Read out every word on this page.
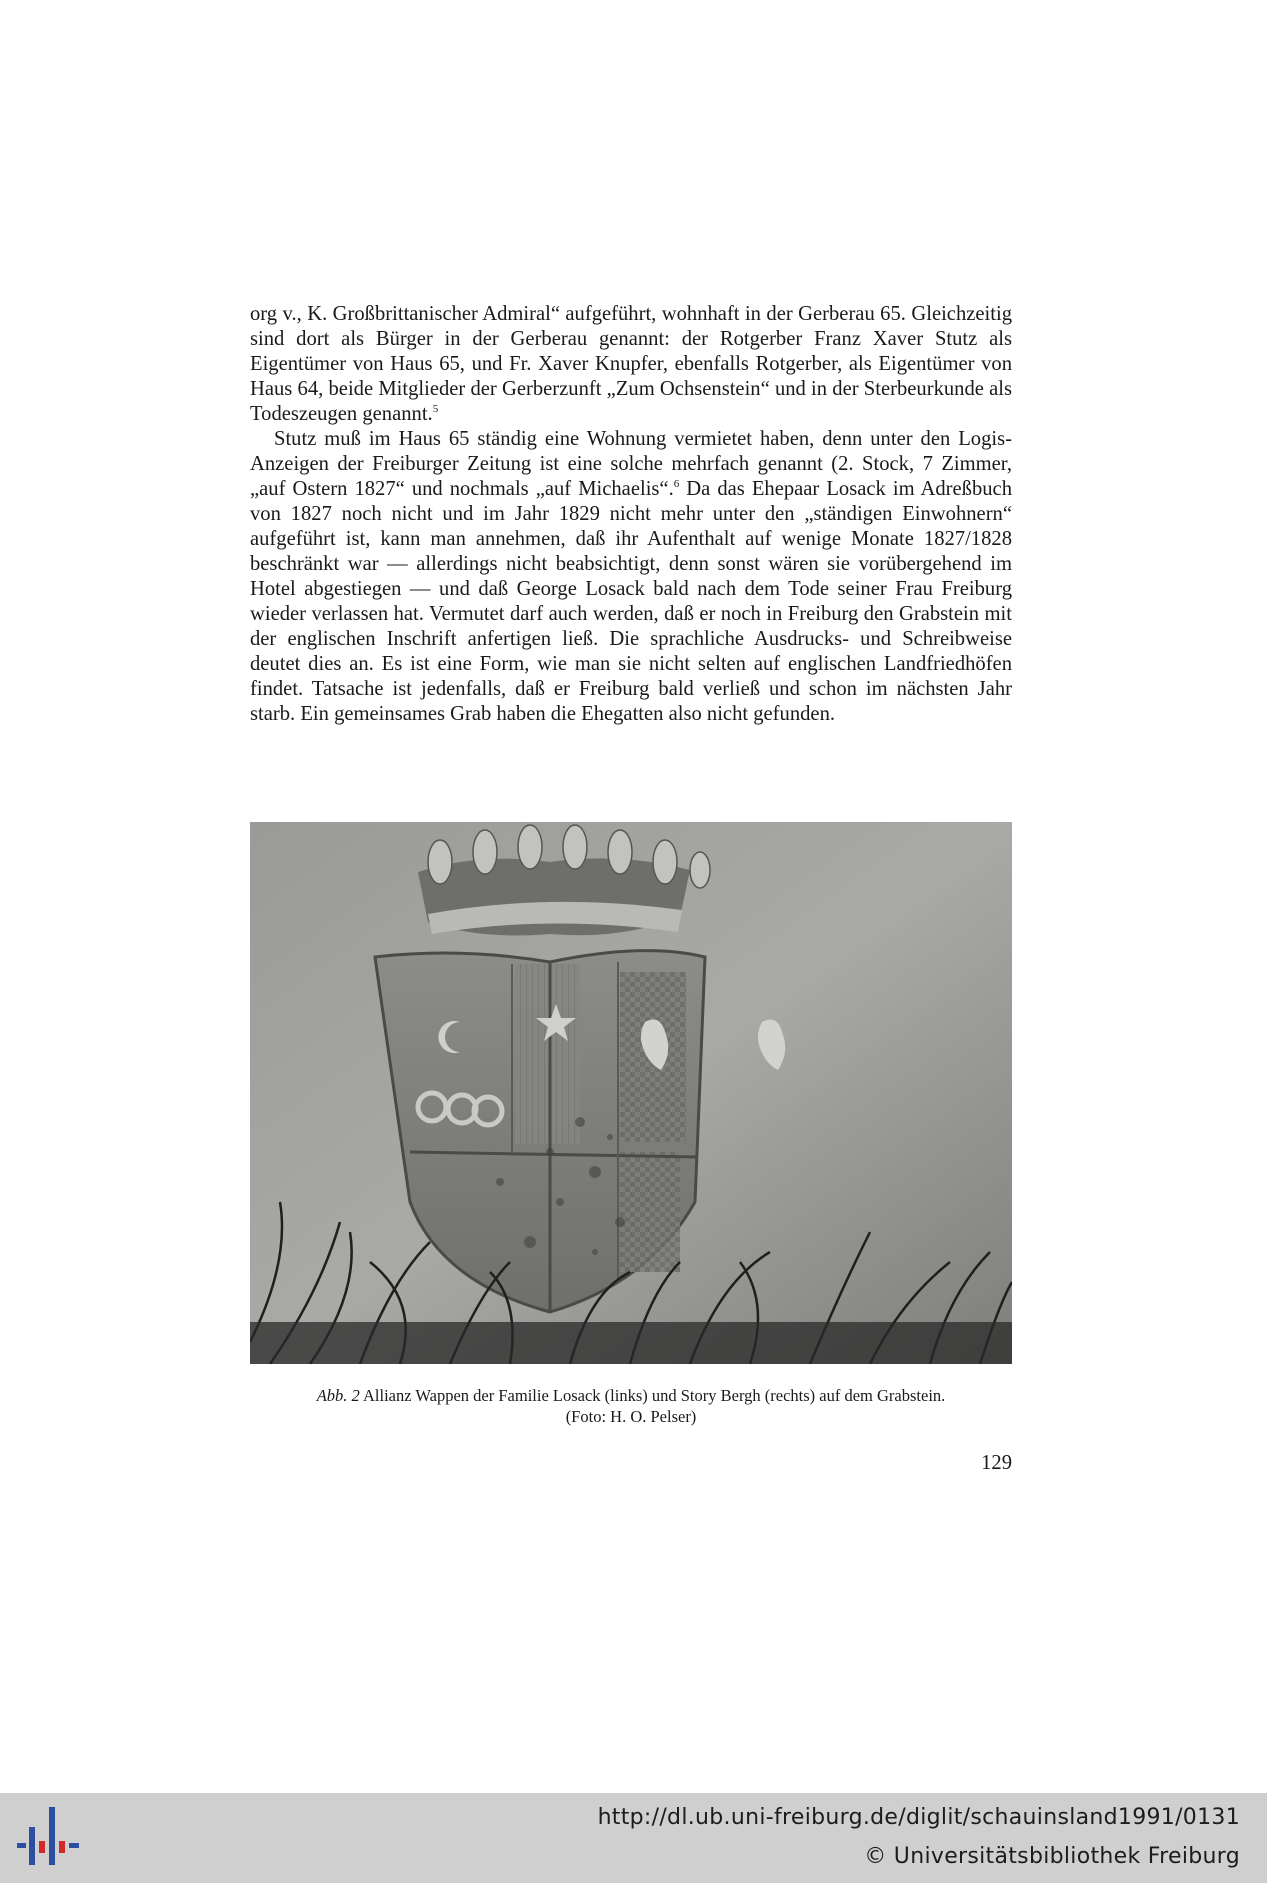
org v., K. Großbrittanischer Admiral“ aufgeführt, wohnhaft in der Gerberau 65. Gleichzeitig sind dort als Bürger in der Gerberau genannt: der Rotgerber Franz Xaver Stutz als Eigentümer von Haus 65, und Fr. Xaver Knupfer, ebenfalls Rotgerber, als Eigentümer von Haus 64, beide Mitglieder der Gerberzunft „Zum Ochsenstein“ und in der Sterbeurkunde als Todeszeugen genannt.$^5$

Stutz muß im Haus 65 ständig eine Wohnung vermietet haben, denn unter den Logis-Anzeigen der Freiburger Zeitung ist eine solche mehrfach genannt (2. Stock, 7 Zimmer, „auf Ostern 1827“ und nochmals „auf Michaelis“.$^6$ Da das Ehepaar Losack im Adreßbuch von 1827 noch nicht und im Jahr 1829 nicht mehr unter den „ständigen Einwohnern“ aufgeführt ist, kann man annehmen, daß ihr Aufenthalt auf wenige Monate 1827/1828 beschränkt war — allerdings nicht beabsichtigt, denn sonst wären sie vorübergehend im Hotel abgestiegen — und daß George Losack bald nach dem Tode seiner Frau Freiburg wieder verlassen hat. Vermutet darf auch werden, daß er noch in Freiburg den Grabstein mit der englischen Inschrift anfertigen ließ. Die sprachliche Ausdrucks- und Schreibweise deutet dies an. Es ist eine Form, wie man sie nicht selten auf englischen Landfriedhöfen findet. Tatsache ist jedenfalls, daß er Freiburg bald verließ und schon im nächsten Jahr starb. Ein gemeinsames Grab haben die Ehegatten also nicht gefunden.

Abb. 2 Allianz Wappen der Familie Losack (links) und Story Bergh (rechts) auf dem Grabstein.
(Foto: H. O. Pelser)
129
http://dl.ub.uni-freiburg.de/diglit/schauinsland1991/0131
© Universitätsbibliothek Freiburg
